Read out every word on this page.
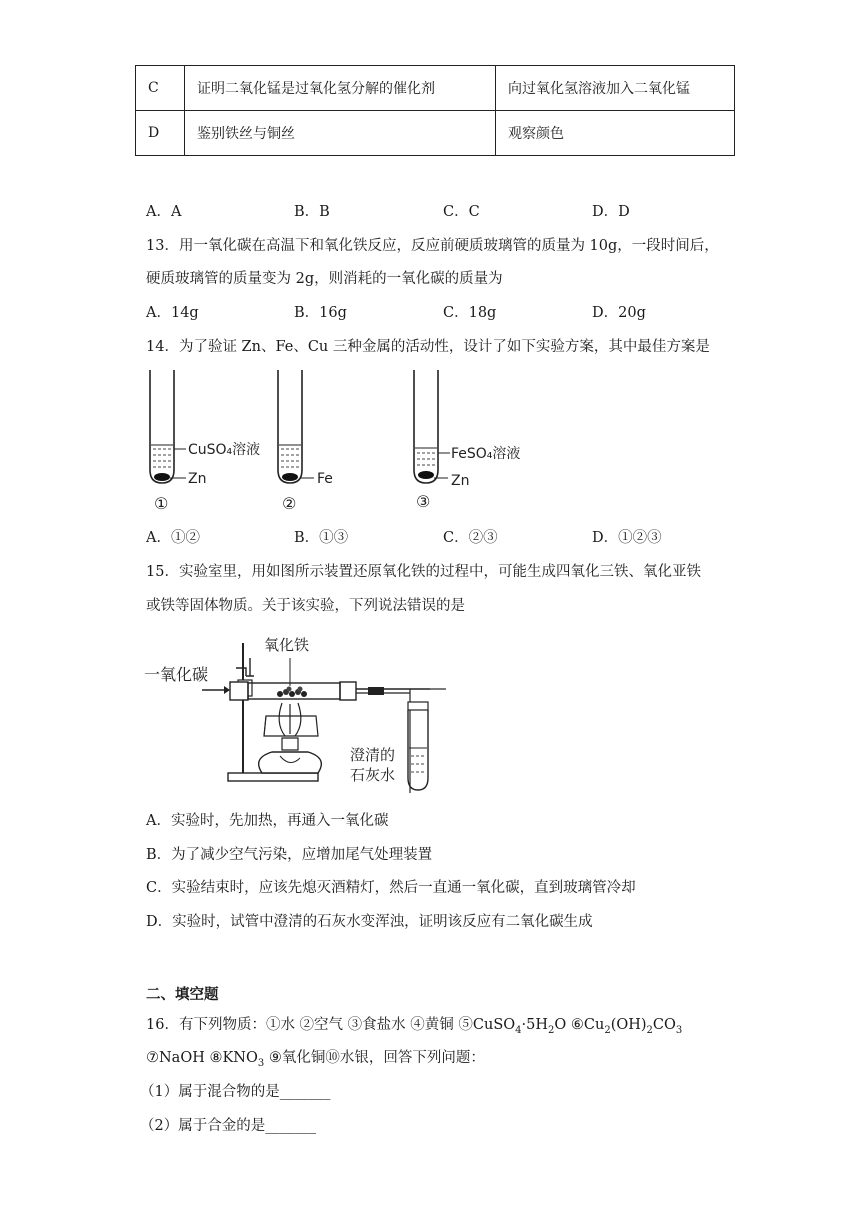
C	证明二氧化锰是过氧化氢分解的催化剂	向过氧化氢溶液加入二氧化锰
D	鉴别铁丝与铜丝	观察颜色
A．A	B．B	C．C	D．D
13．用一氧化碳在高温下和氧化铁反应，反应前硬质玻璃管的质量为 10g，一段时间后，
硬质玻璃管的质量变为 2g，则消耗的一氧化碳的质量为
A．14g	B．16g	C．18g	D．20g
14．为了验证 Zn、Fe、Cu 三种金属的活动性，设计了如下实验方案，其中最佳方案是
CuSO₄溶液
Zn
①
Fe
②
FeSO₄溶液
Zn
③
A．①②	B．①③	C．②③	D．①②③
15．实验室里，用如图所示装置还原氧化铁的过程中，可能生成四氧化三铁、氧化亚铁
或铁等固体物质。关于该实验，下列说法错误的是
一氧化碳
氧化铁
澄清的
石灰水
A．实验时，先加热，再通入一氧化碳
B．为了减少空气污染，应增加尾气处理装置
C．实验结束时，应该先熄灭酒精灯，然后一直通一氧化碳，直到玻璃管冷却
D．实验时，试管中澄清的石灰水变浑浊，证明该反应有二氧化碳生成
二、填空题
16．有下列物质：①水 ②空气 ③食盐水 ④黄铜 $⑤CuSO_4\cdot 5H_2O$ $⑥Cu_2(OH)_2CO_3$
⑦NaOH $⑧KNO_3$ ⑨氧化铜⑩水银，回答下列问题：
（1）属于混合物的是_______
（2）属于合金的是_______
